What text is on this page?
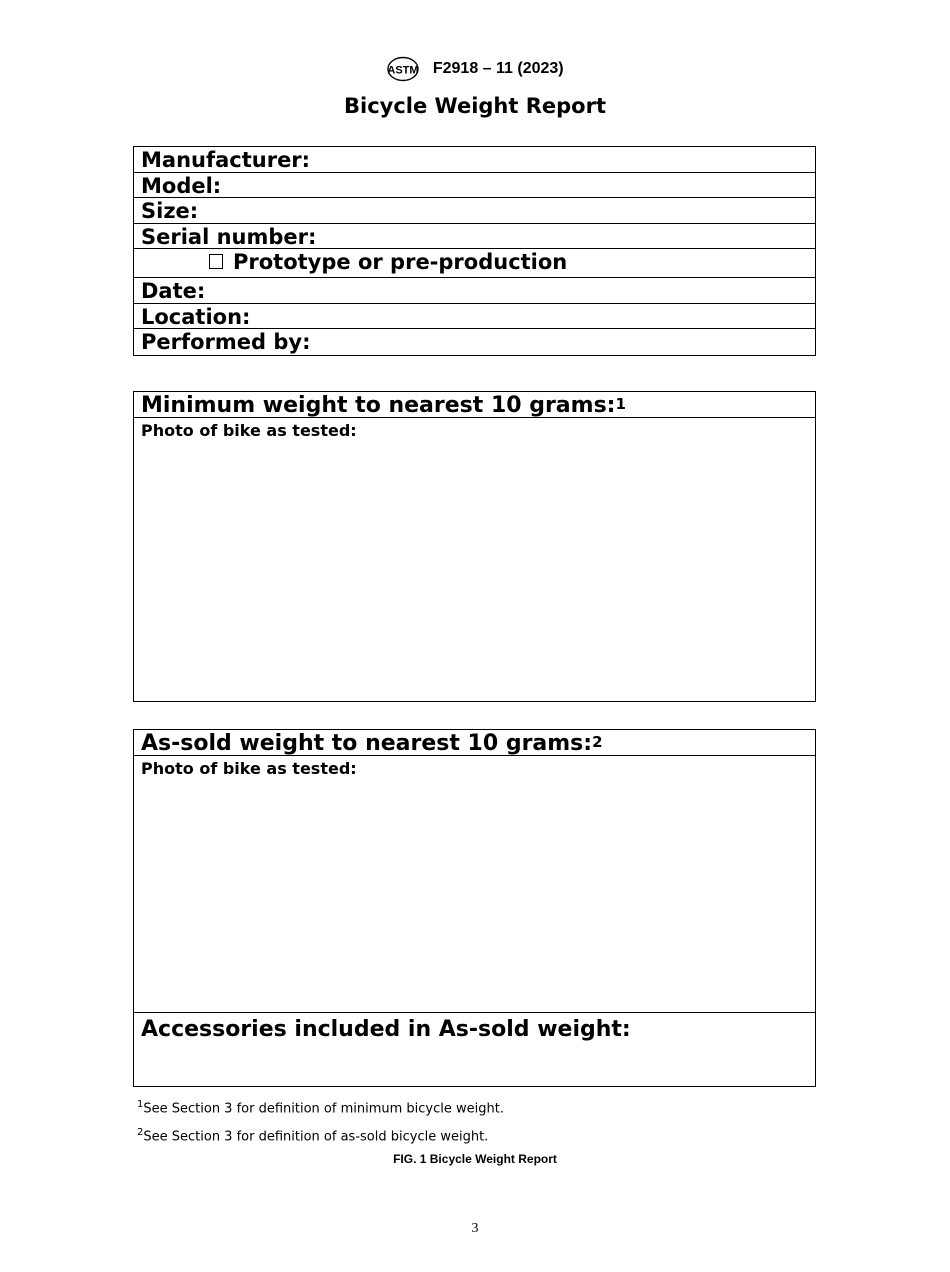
ASTM F2918 – 11 (2023)
Bicycle Weight Report
Manufacturer:
Model:
Size:
Serial number:
Prototype or pre-production
Date:
Location:
Performed by:
Minimum weight to nearest 10 grams:$^1$
Photo of bike as tested:
As-sold weight to nearest 10 grams:$^2$
Photo of bike as tested:
Accessories included in As-sold weight:
$^1$See Section 3 for definition of minimum bicycle weight.
$^2$See Section 3 for definition of as-sold bicycle weight.
FIG. 1 Bicycle Weight Report
3
